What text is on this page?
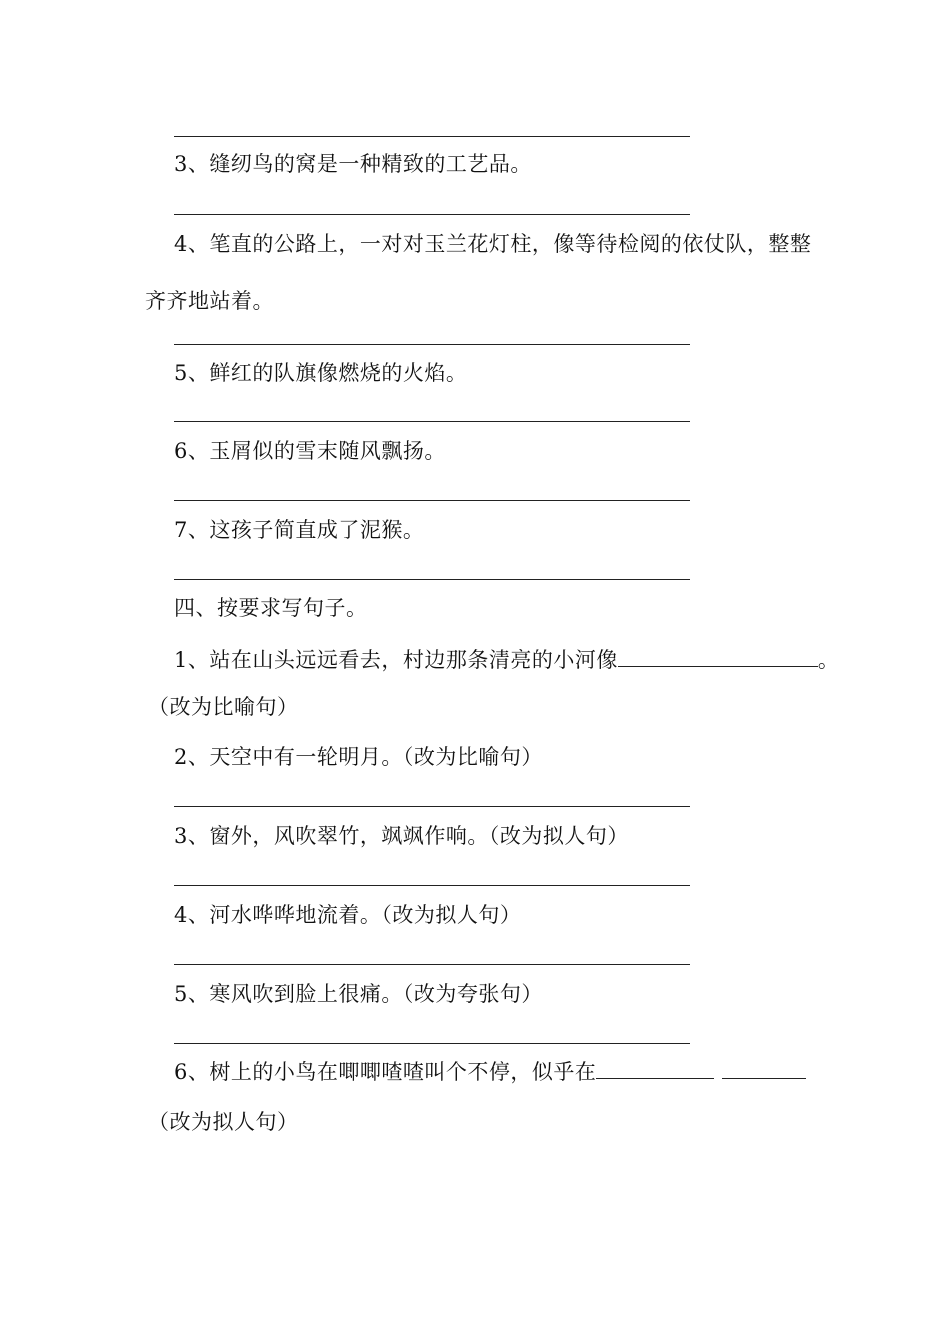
3、缝纫鸟的窝是一种精致的工艺品。
4、笔直的公路上，一对对玉兰花灯柱，像等待检阅的依仗队，整整
齐齐地站着。
5、鲜红的队旗像燃烧的火焰。
6、玉屑似的雪末随风飘扬。
7、这孩子简直成了泥猴。
四、按要求写句子。
1、站在山头远远看去，村边那条清亮的小河像	。
（改为比喻句）
2、天空中有一轮明月。（改为比喻句）
3、窗外，风吹翠竹，飒飒作响。（改为拟人句）
4、河水哗哗地流着。（改为拟人句）
5、寒风吹到脸上很痛。（改为夸张句）
6、树上的小鸟在唧唧喳喳叫个不停，似乎在
（改为拟人句）
